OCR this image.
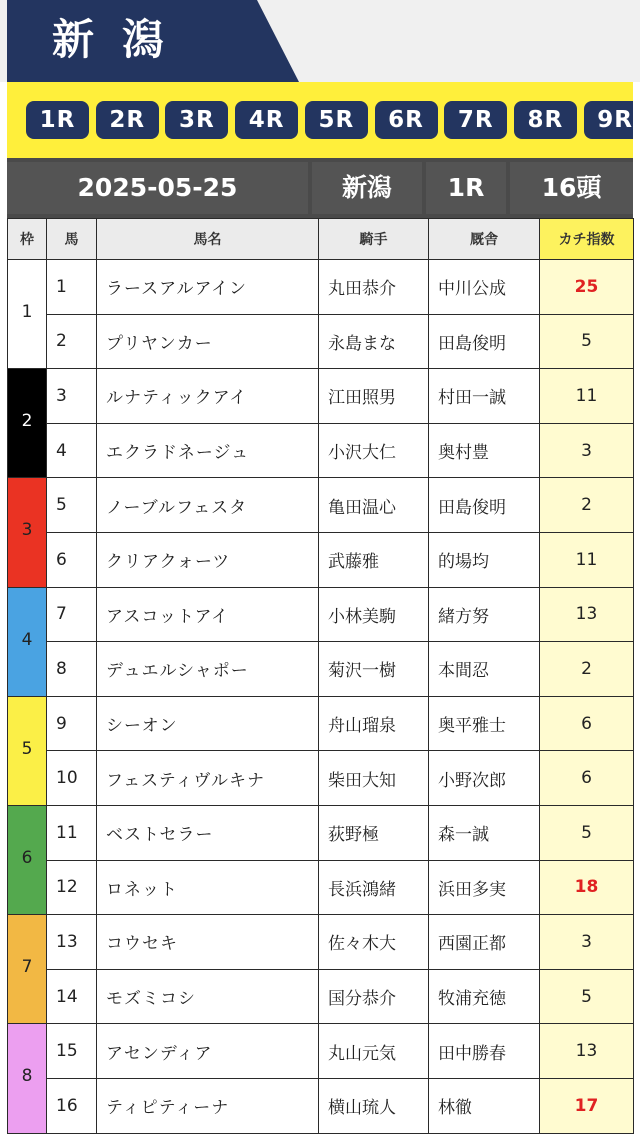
新潟
1R	2R	3R	4R	5R	6R	7R	8R	9R
2025-05-25	新潟	1R	16頭
枠	馬	馬名	騎手	厩舎	カチ指数
1	1	ラースアルアイン	丸田恭介	中川公成	25
	2	プリヤンカー	永島まな	田島俊明	5
2	3	ルナティックアイ	江田照男	村田一誠	11
	4	エクラドネージュ	小沢大仁	奥村豊	3
3	5	ノーブルフェスタ	亀田温心	田島俊明	2
	6	クリアクォーツ	武藤雅	的場均	11
4	7	アスコットアイ	小林美駒	緒方努	13
	8	デュエルシャポー	菊沢一樹	本間忍	2
5	9	シーオン	舟山瑠泉	奥平雅士	6
	10	フェスティヴルキナ	柴田大知	小野次郎	6
6	11	ベストセラー	荻野極	森一誠	5
	12	ロネット	長浜鴻緒	浜田多実	18
7	13	コウセキ	佐々木大	西園正都	3
	14	モズミコシ	国分恭介	牧浦充徳	5
8	15	アセンディア	丸山元気	田中勝春	13
	16	ティピティーナ	横山琉人	林徹	17
